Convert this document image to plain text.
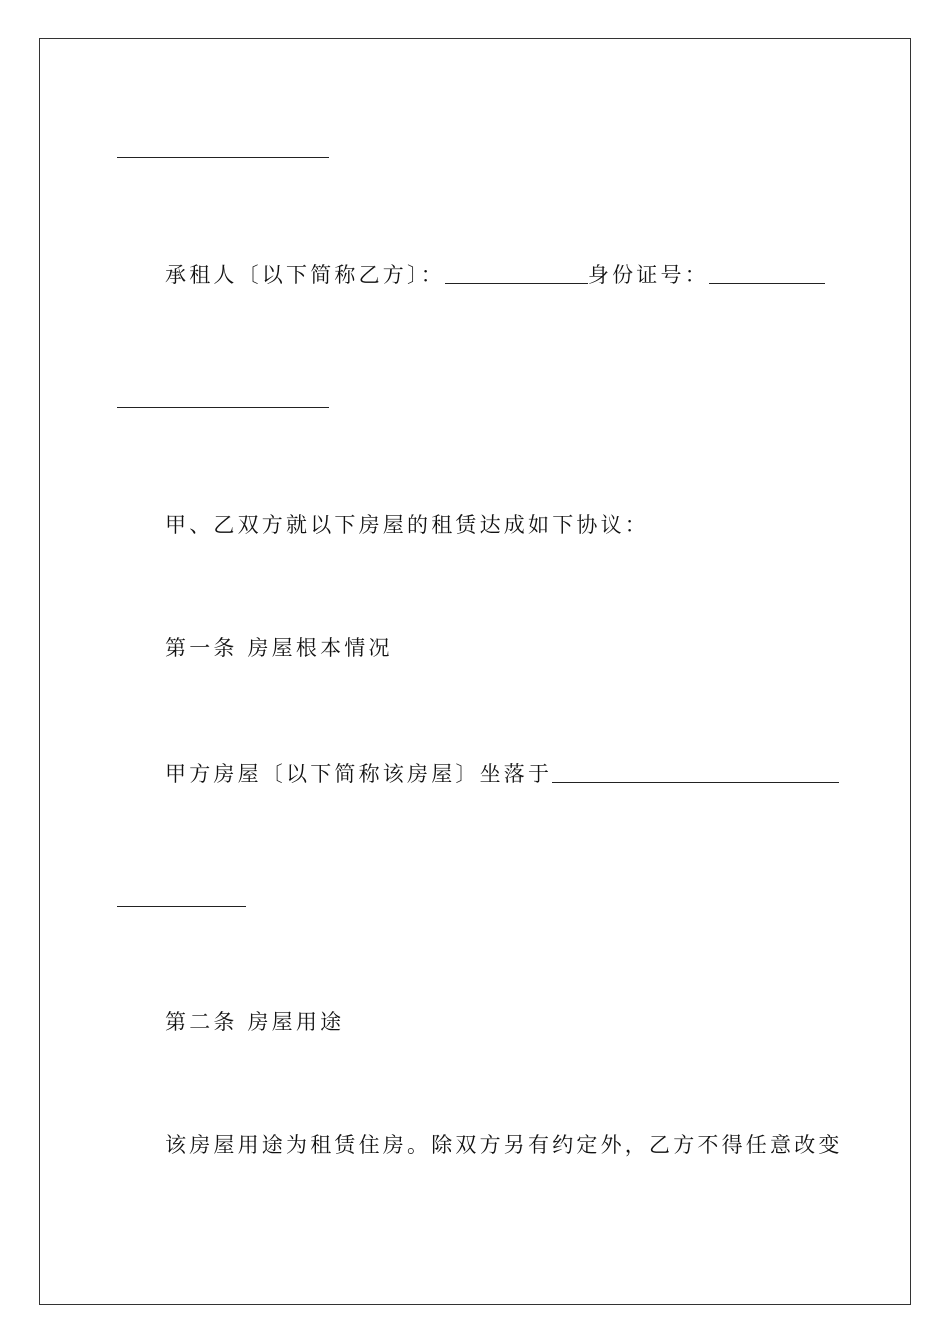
承租人〔以下简称乙方〕：	身份证号：
甲、乙双方就以下房屋的租赁达成如下协议：
第一条 房屋根本情况
甲方房屋〔以下简称该房屋〕坐落于
第二条 房屋用途
该房屋用途为租赁住房。除双方另有约定外，乙方不得任意改变
